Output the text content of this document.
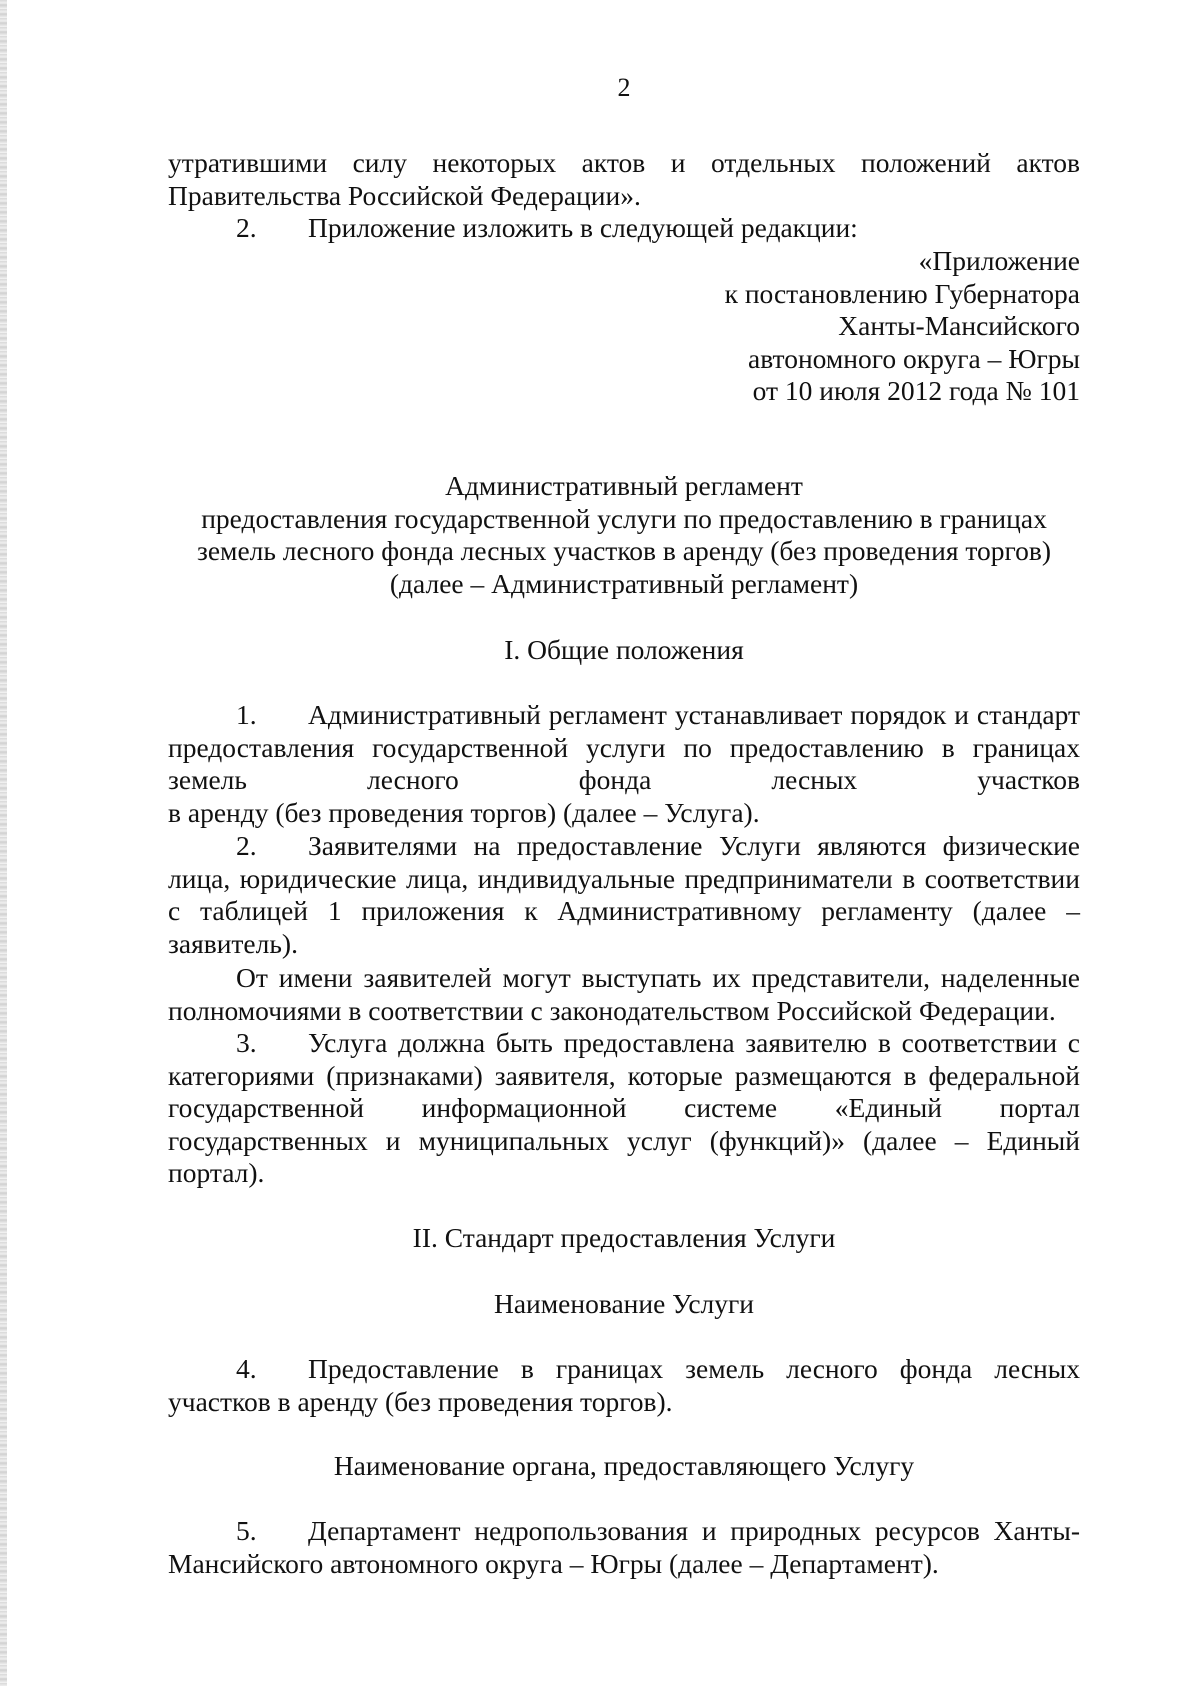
2
утратившими силу некоторых актов и отдельных положений актов Правительства Российской Федерации».
2. Приложение изложить в следующей редакции:
«Приложение
к постановлению Губернатора
Ханты-Мансийского
автономного округа – Югры
от 10 июля 2012 года № 101
Административный регламент
предоставления государственной услуги по предоставлению в границах
земель лесного фонда лесных участков в аренду (без проведения торгов)
(далее – Административный регламент)
I. Общие положения
1. Административный регламент устанавливает порядок и стандарт предоставления государственной услуги по предоставлению в границах земель лесного фонда лесных участков
в аренду (без проведения торгов) (далее – Услуга).
2. Заявителями на предоставление Услуги являются физические лица, юридические лица, индивидуальные предприниматели в соответствии с таблицей 1 приложения к Административному регламенту (далее – заявитель).
От имени заявителей могут выступать их представители, наделенные полномочиями в соответствии с законодательством Российской Федерации.
3. Услуга должна быть предоставлена заявителю в соответствии с категориями (признаками) заявителя, которые размещаются в федеральной государственной информационной системе «Единый портал государственных и муниципальных услуг (функций)» (далее – Единый портал).
II. Стандарт предоставления Услуги
Наименование Услуги
4. Предоставление в границах земель лесного фонда лесных участков в аренду (без проведения торгов).
Наименование органа, предоставляющего Услугу
5. Департамент недропользования и природных ресурсов Ханты-Мансийского автономного округа – Югры (далее – Департамент).
